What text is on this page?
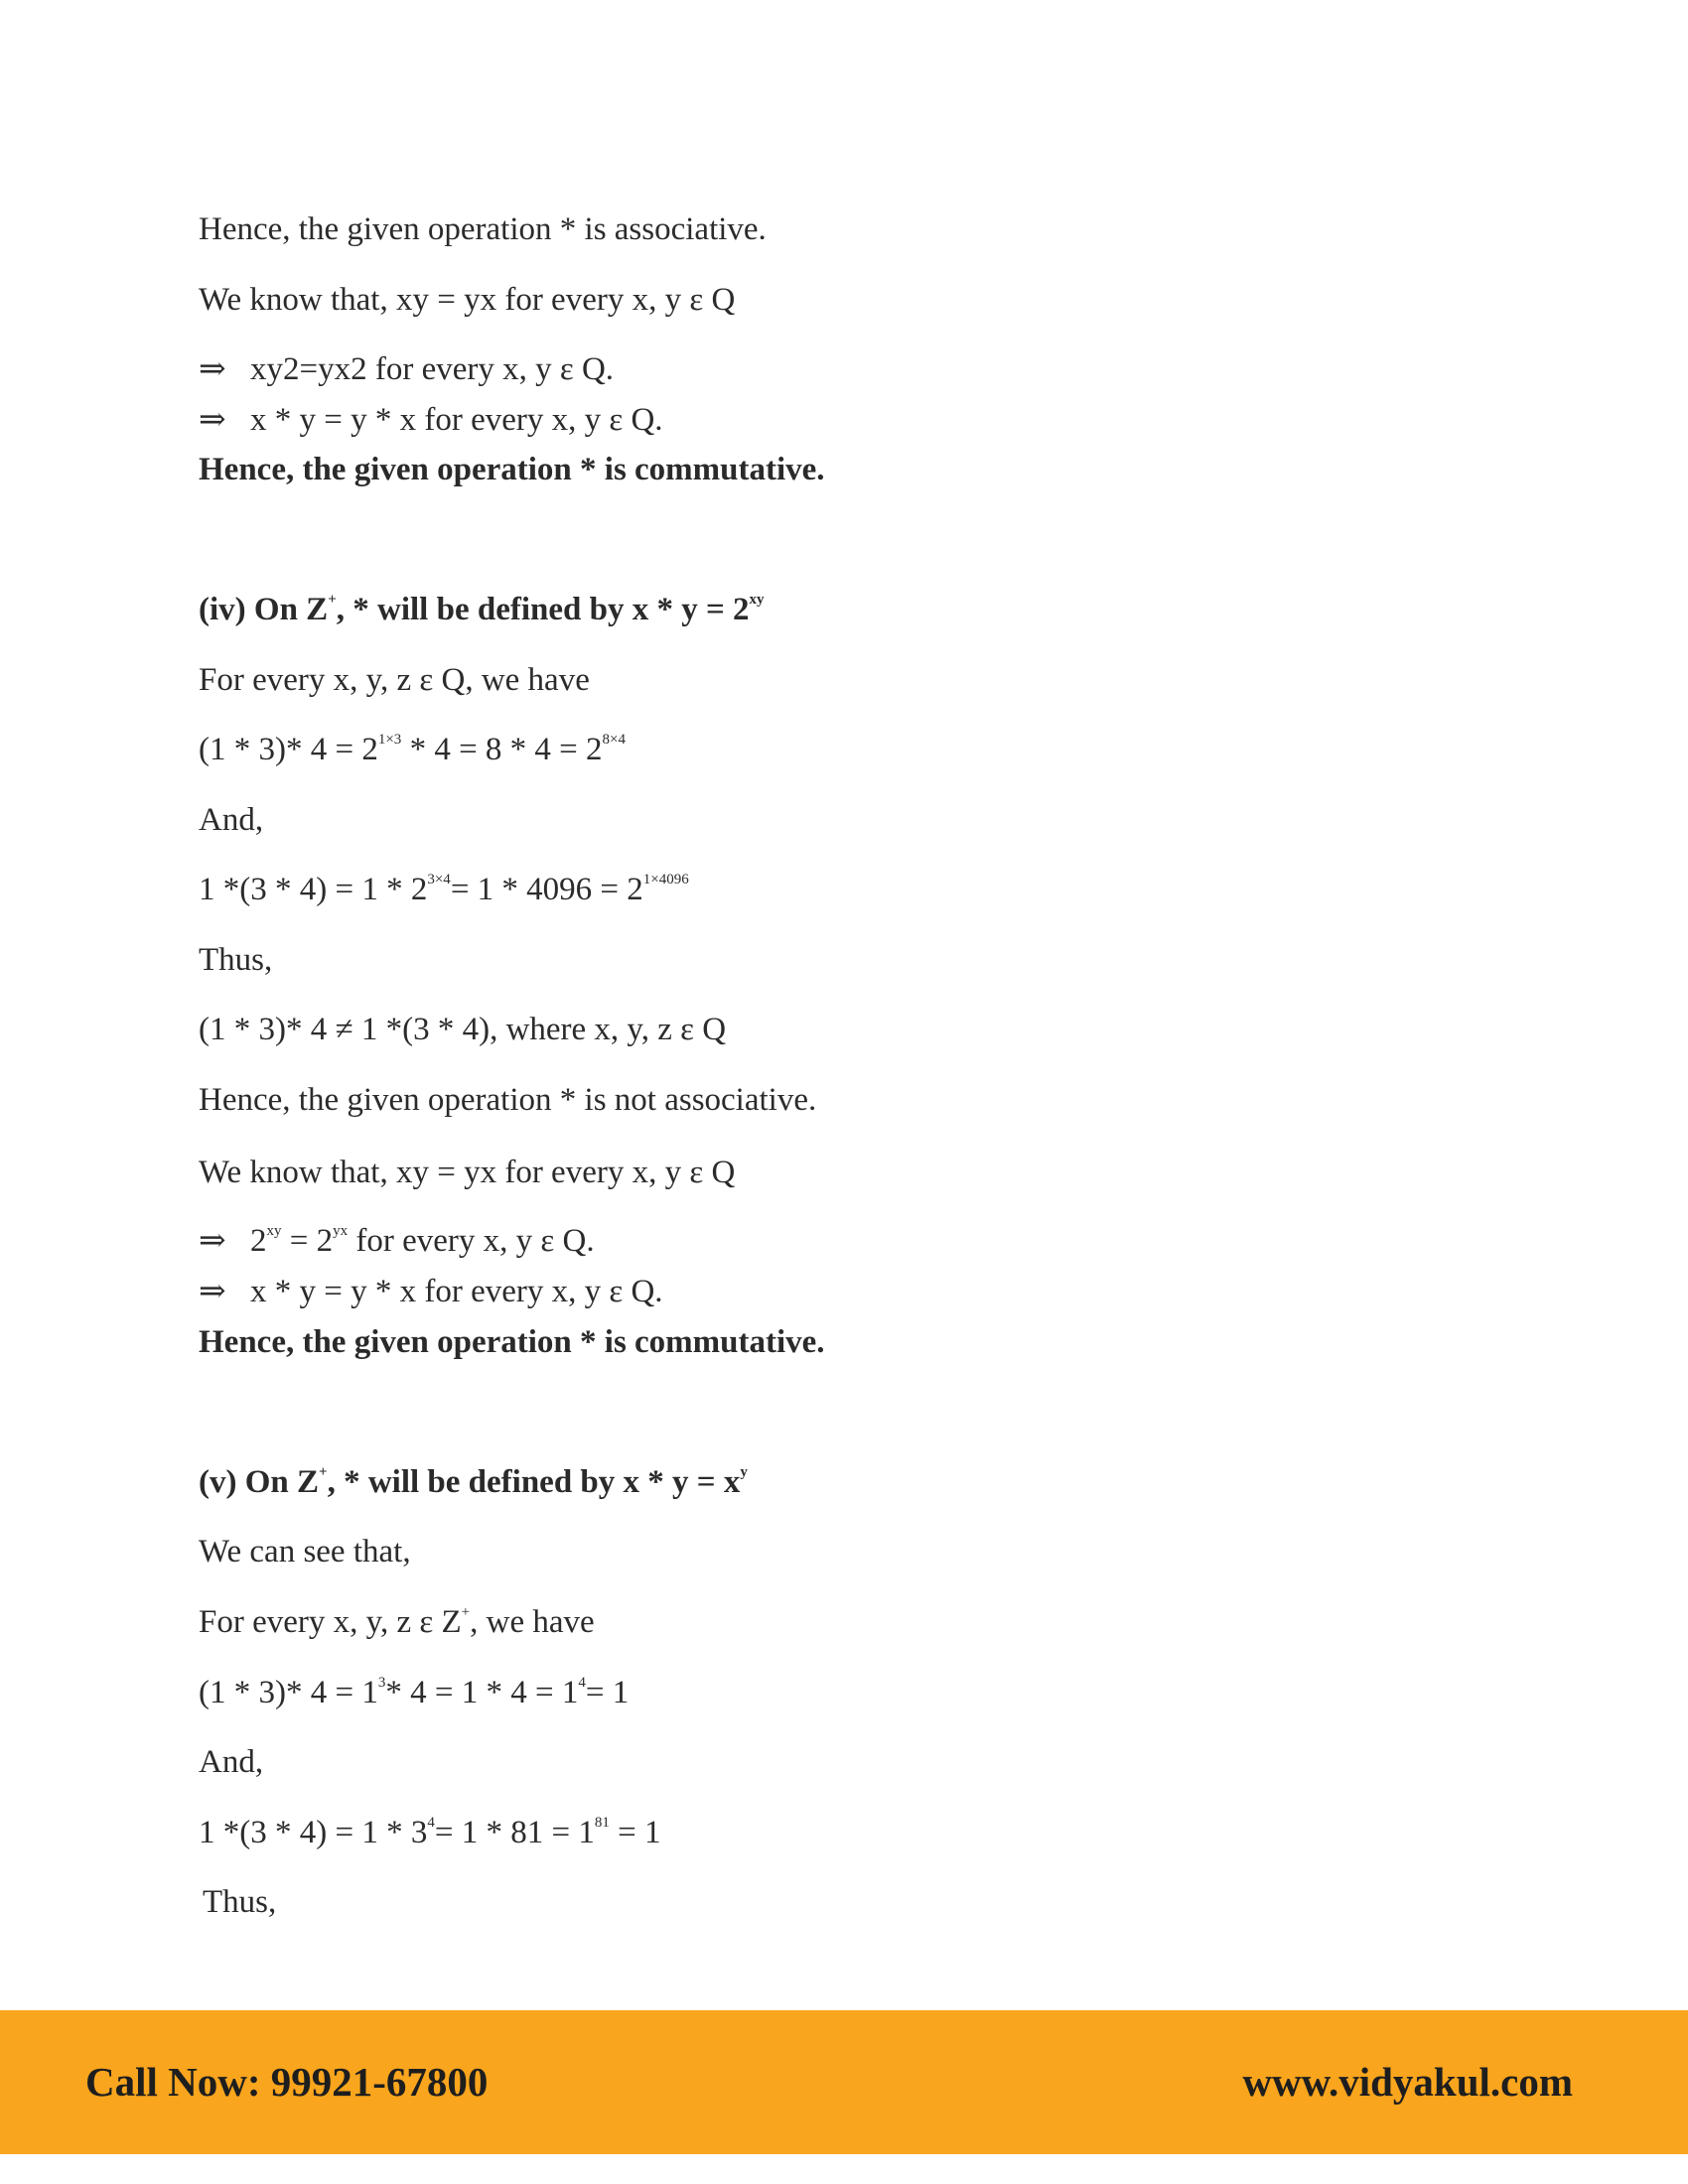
Hence, the given operation * is associative.
We know that, xy = yx for every x, y ε Q
⇒ xy2=yx2 for every x, y ε Q.
⇒ x * y = y * x for every x, y ε Q.
Hence, the given operation * is commutative.
(iv) On Z+, * will be defined by $x * y = 2^{xy}$
For every x, y, z ε Q, we have
(1 * 3)* $4 = 2^{1\times 3} * 4 = 8 * 4 = 2^{8\times 4}$
And,
1 $*(3 * 4) = 1 * 2^{3\times 4}= 1 * 4096 = 2^{1\times 4096}$
Thus,
(1 * 3)* 4 ≠ 1 *(3 * 4), where x, y, z ε Q
Hence, the given operation * is not associative.
We know that, xy = yx for every x, y ε Q
⇒ $2^{xy} = 2^{yx}$ for every x, y ε Q.
⇒ x * y = y * x for every x, y ε Q.
Hence, the given operation * is commutative.
(v) On Z+, * will be defined by $x * y = x^y$
We can see that,
For every x, y, z ε Z+, we have
(1 * 3)* $4 = 1^3*$ $4 = 1 * 4 = 1^4= 1$
And,
1 $*(3 * 4) = 1 * 3^4= 1 * 81 = 1^{81} = 1$
Thus,
Call Now: 99921-67800	www.vidyakul.com
